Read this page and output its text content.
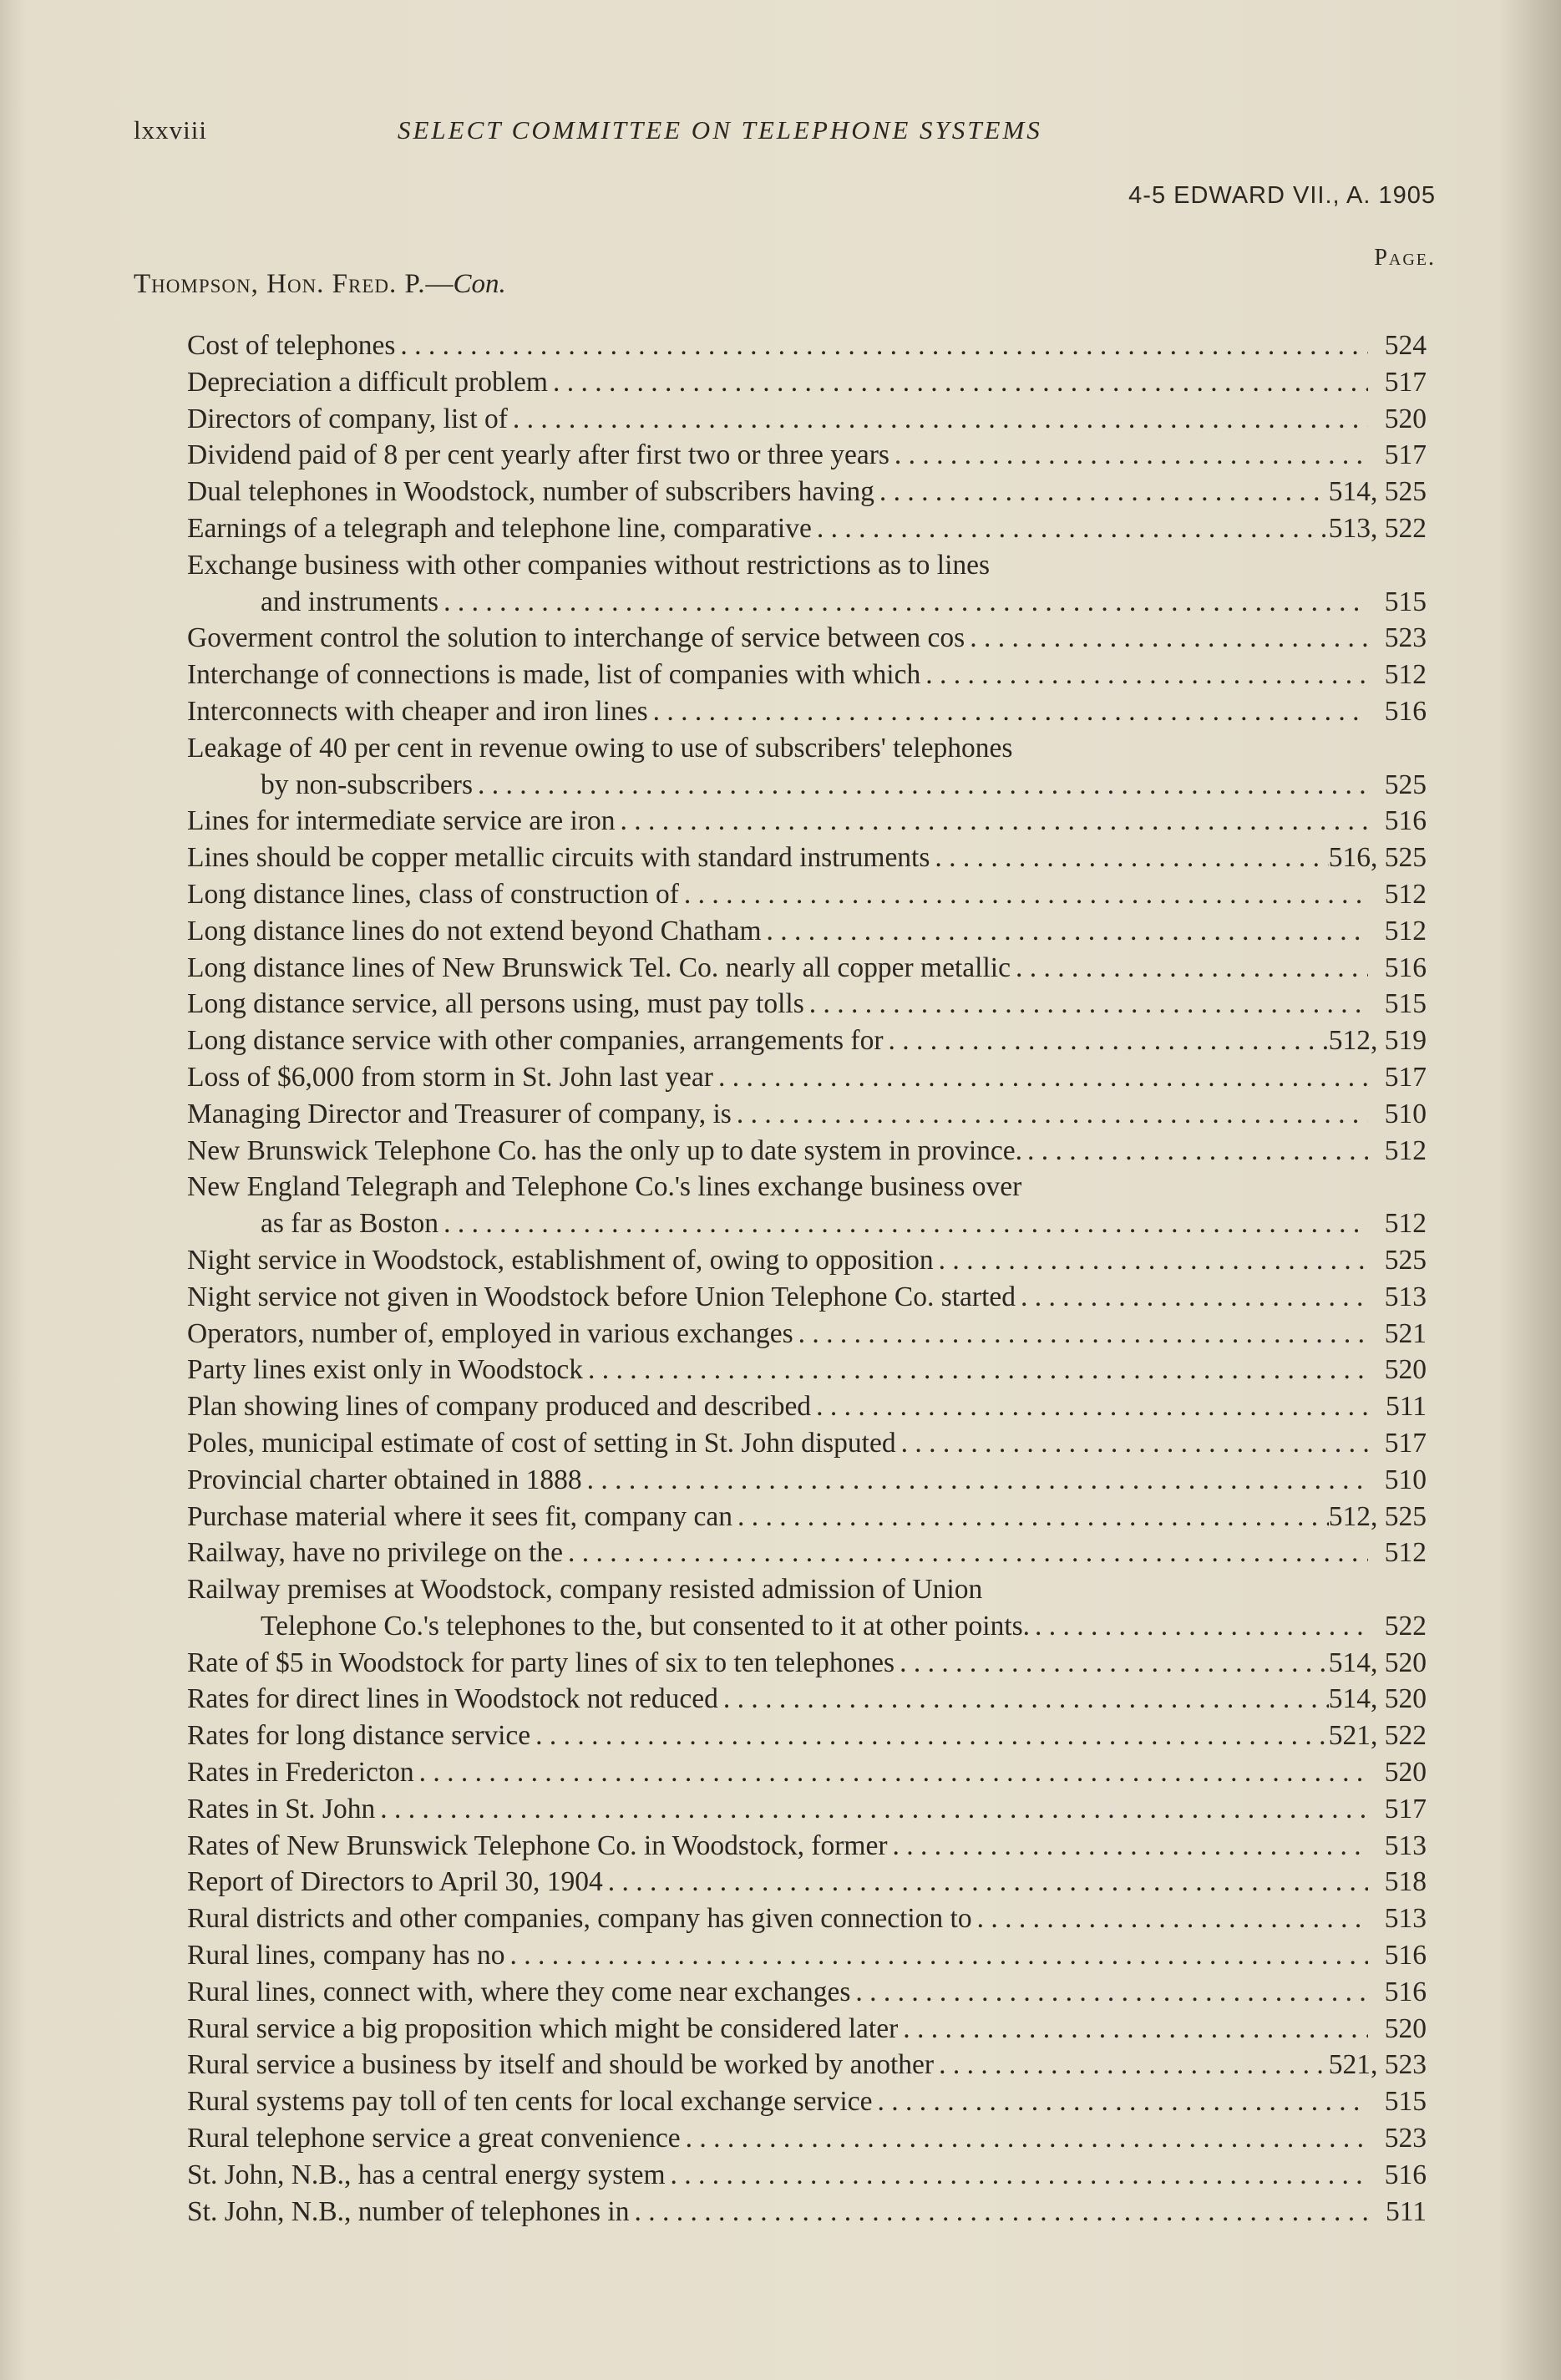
lxxviii	SELECT COMMITTEE ON TELEPHONE SYSTEMS
4-5 EDWARD VII., A. 1905
Page.
Thompson, Hon. Fred. P.—Con.
Cost of telephones . . .	524
Depreciation a difficult problem . . .	517
Directors of company, list of . . .	520
Dividend paid of 8 per cent yearly after first two or three years . . .	517
Dual telephones in Woodstock, number of subscribers having . . .	514, 525
Earnings of a telegraph and telephone line, comparative . . .	513, 522
Exchange business with other companies without restrictions as to lines
and instruments . . .	515
Goverment control the solution to interchange of service between cos . . .	523
Interchange of connections is made, list of companies with which . . .	512
Interconnects with cheaper and iron lines . . .	516
Leakage of 40 per cent in revenue owing to use of subscribers' telephones
by non-subscribers . . .	525
Lines for intermediate service are iron . . .	516
Lines should be copper metallic circuits with standard instruments . . .	516, 525
Long distance lines, class of construction of . . .	512
Long distance lines do not extend beyond Chatham . . .	512
Long distance lines of New Brunswick Tel. Co. nearly all copper metallic . . .	516
Long distance service, all persons using, must pay tolls . . .	515
Long distance service with other companies, arrangements for . . .	512, 519
Loss of $6,000 from storm in St. John last year . . .	517
Managing Director and Treasurer of company, is . . .	510
New Brunswick Telephone Co. has the only up to date system in province. . . .	512
New England Telegraph and Telephone Co.'s lines exchange business over
as far as Boston . . .	512
Night service in Woodstock, establishment of, owing to opposition . . .	525
Night service not given in Woodstock before Union Telephone Co. started . . .	513
Operators, number of, employed in various exchanges . . .	521
Party lines exist only in Woodstock . . .	520
Plan showing lines of company produced and described . . .	511
Poles, municipal estimate of cost of setting in St. John disputed . . .	517
Provincial charter obtained in 1888 . . .	510
Purchase material where it sees fit, company can . . .	512, 525
Railway, have no privilege on the . . .	512
Railway premises at Woodstock, company resisted admission of Union
Telephone Co.'s telephones to the, but consented to it at other points. . . .	522
Rate of $5 in Woodstock for party lines of six to ten telephones . . .	514, 520
Rates for direct lines in Woodstock not reduced . . .	514, 520
Rates for long distance service . . .	521, 522
Rates in Fredericton . . .	520
Rates in St. John . . .	517
Rates of New Brunswick Telephone Co. in Woodstock, former . . .	513
Report of Directors to April 30, 1904 . . .	518
Rural districts and other companies, company has given connection to . . .	513
Rural lines, company has no . . .	516
Rural lines, connect with, where they come near exchanges . . .	516
Rural service a big proposition which might be considered later . . .	520
Rural service a business by itself and should be worked by another . . .	521, 523
Rural systems pay toll of ten cents for local exchange service . . .	515
Rural telephone service a great convenience . . .	523
St. John, N.B., has a central energy system . . .	516
St. John, N.B., number of telephones in . . .	511
